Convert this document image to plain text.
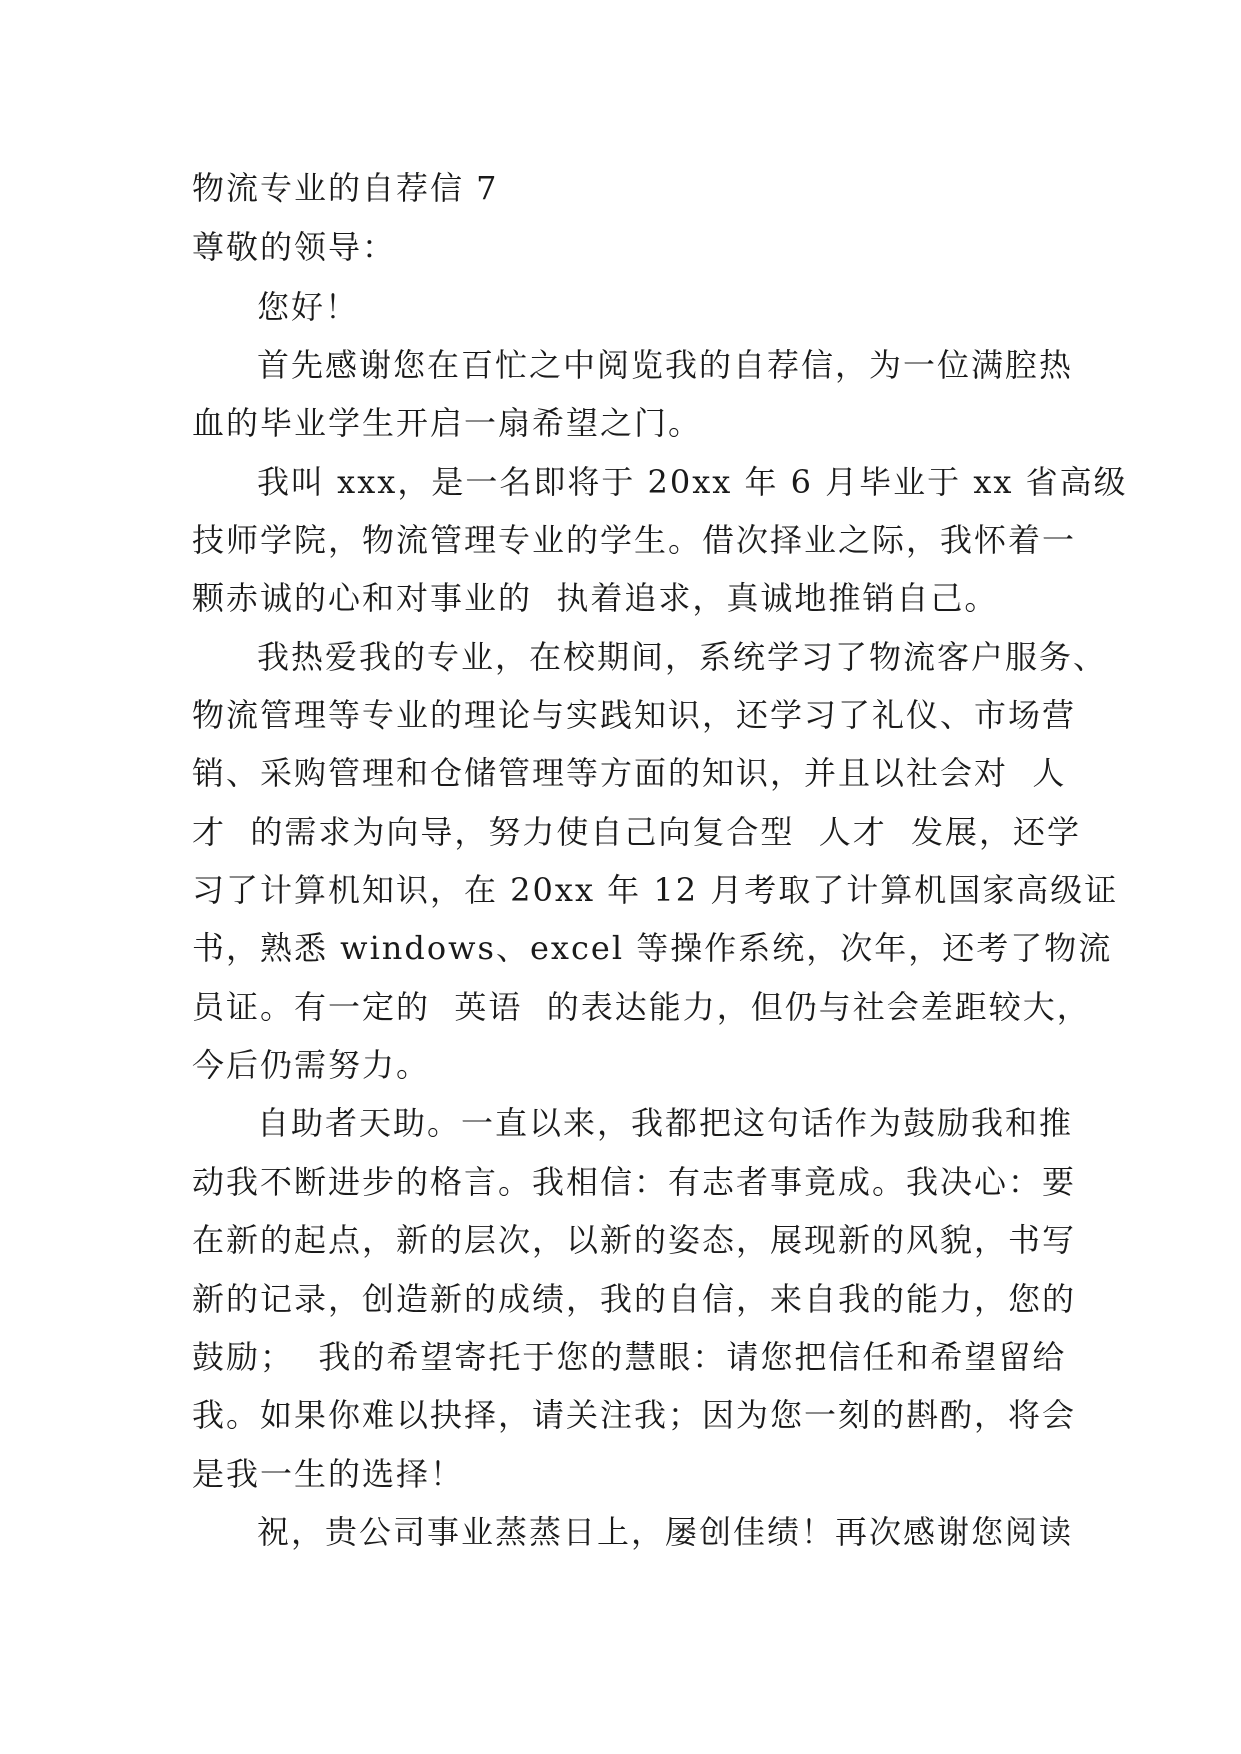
物流专业的自荐信 7
尊敬的领导：
您好！
首先感谢您在百忙之中阅览我的自荐信，为一位满腔热
血的毕业学生开启一扇希望之门。
我叫 xxx，是一名即将于 20xx 年 6 月毕业于 xx 省高级
技师学院，物流管理专业的学生。借次择业之际，我怀着一
颗赤诚的心和对事业的  执着追求，真诚地推销自己。
我热爱我的专业，在校期间，系统学习了物流客户服务、
物流管理等专业的理论与实践知识，还学习了礼仪、市场营
销、采购管理和仓储管理等方面的知识，并且以社会对  人
才  的需求为向导，努力使自己向复合型  人才  发展，还学
习了计算机知识，在 20xx 年 12 月考取了计算机国家高级证
书，熟悉 windows、excel 等操作系统，次年，还考了物流
员证。有一定的  英语  的表达能力，但仍与社会差距较大，
今后仍需努力。
自助者天助。一直以来，我都把这句话作为鼓励我和推
动我不断进步的格言。我相信：有志者事竟成。我决心：要
在新的起点，新的层次，以新的姿态，展现新的风貌，书写
新的记录，创造新的成绩，我的自信，来自我的能力，您的
鼓励；  我的希望寄托于您的慧眼：请您把信任和希望留给
我。如果你难以抉择，请关注我；因为您一刻的斟酌，将会
是我一生的选择！
祝，贵公司事业蒸蒸日上，屡创佳绩！再次感谢您阅读
